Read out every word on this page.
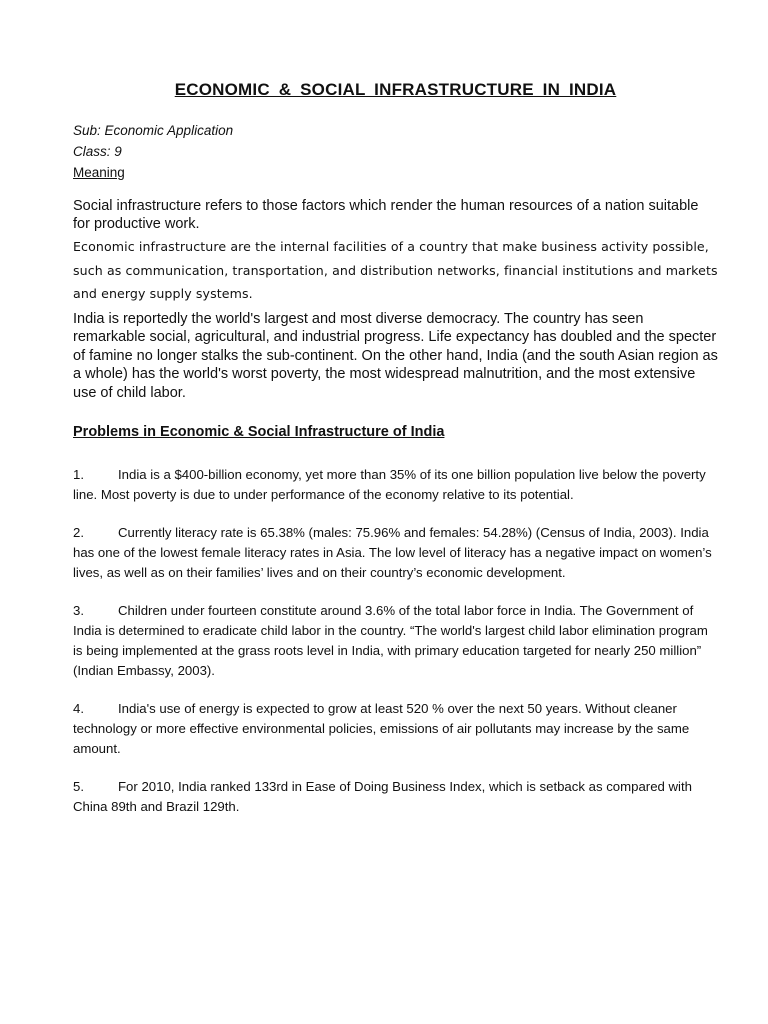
ECONOMIC & SOCIAL INFRASTRUCTURE IN INDIA
Sub: Economic Application
Class: 9
Meaning

Social infrastructure refers to those factors which render the human resources of a nation suitable for productive work.

Economic infrastructure are the internal facilities of a country that make business activity possible, such as communication, transportation, and distribution networks, financial institutions and markets and energy supply systems.

India is reportedly the world's largest and most diverse democracy. The country has seen remarkable social, agricultural, and industrial progress. Life expectancy has doubled and the specter of famine no longer stalks the sub-continent. On the other hand, India (and the south Asian region as a whole) has the world's worst poverty, the most widespread malnutrition, and the most extensive use of child labor.

Problems in Economic & Social Infrastructure of India

1.	India is a $400-billion economy, yet more than 35% of its one billion population live below the poverty line. Most poverty is due to under performance of the economy relative to its potential.

2.	Currently literacy rate is 65.38% (males: 75.96% and females: 54.28%) (Census of India, 2003). India has one of the lowest female literacy rates in Asia. The low level of literacy has a negative impact on women’s lives, as well as on their families’ lives and on their country’s economic development.

3.	Children under fourteen constitute around 3.6% of the total labor force in India. The Government of India is determined to eradicate child labor in the country. “The world's largest child labor elimination program is being implemented at the grass roots level in India, with primary education targeted for nearly 250 million” (Indian Embassy, 2003).

4.	India's use of energy is expected to grow at least 520 % over the next 50 years. Without cleaner technology or more effective environmental policies, emissions of air pollutants may increase by the same amount.

5.	For 2010, India ranked 133rd in Ease of Doing Business Index, which is setback as compared with China 89th and Brazil 129th.
